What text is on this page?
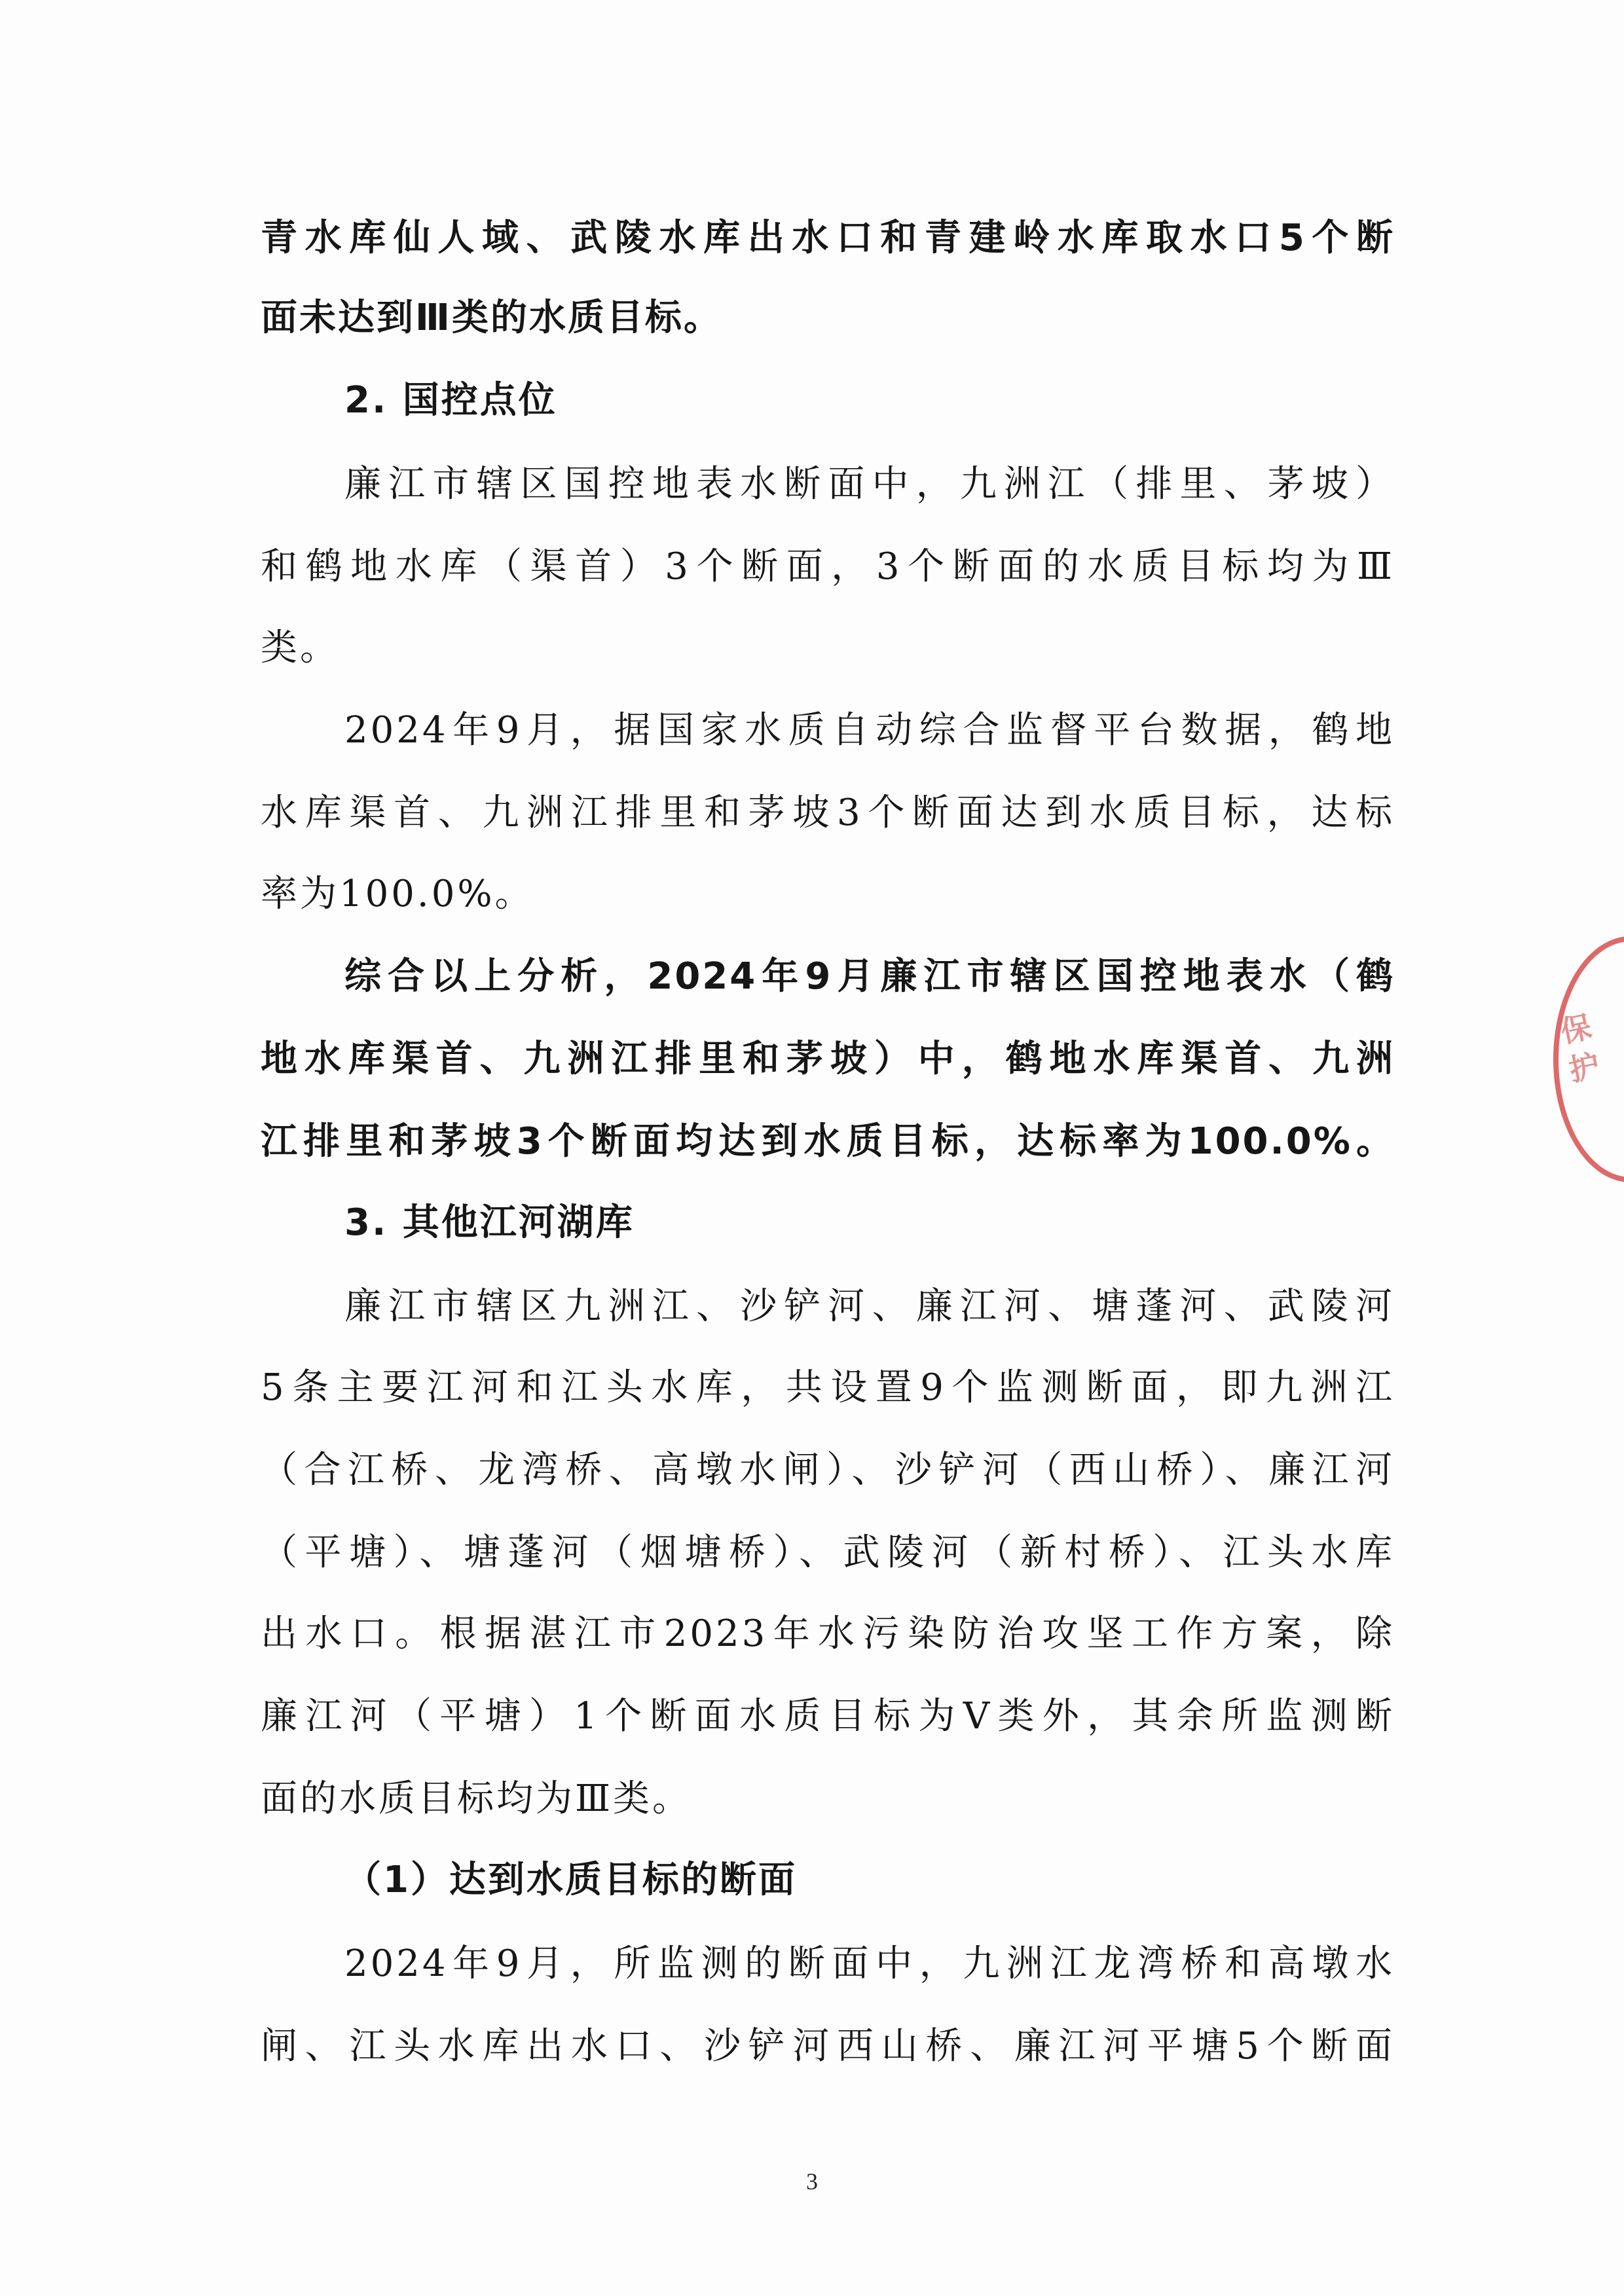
青水库仙人域、武陵水库出水口和青建岭水库取水口5个断
面未达到Ⅲ类的水质目标。
2. 国控点位
廉江市辖区国控地表水断面中，九洲江（排里、茅坡）
和鹤地水库（渠首）3个断面，3个断面的水质目标均为Ⅲ
类。
2024年9月，据国家水质自动综合监督平台数据，鹤地
水库渠首、九洲江排里和茅坡3个断面达到水质目标，达标
率为100.0%。
综合以上分析，2024年9月廉江市辖区国控地表水（鹤
地水库渠首、九洲江排里和茅坡）中，鹤地水库渠首、九洲
江排里和茅坡3个断面均达到水质目标，达标率为100.0%。
3. 其他江河湖库
廉江市辖区九洲江、沙铲河、廉江河、塘蓬河、武陵河
5条主要江河和江头水库，共设置9个监测断面，即九洲江
（合江桥、龙湾桥、高墩水闸）、沙铲河（西山桥）、廉江河
（平塘）、塘蓬河（烟塘桥）、武陵河（新村桥）、江头水库
出水口。根据湛江市2023年水污染防治攻坚工作方案，除
廉江河（平塘）1个断面水质目标为Ⅴ类外，其余所监测断
面的水质目标均为Ⅲ类。
（1）达到水质目标的断面
2024年9月，所监测的断面中，九洲江龙湾桥和高墩水
闸、江头水库出水口、沙铲河西山桥、廉江河平塘5个断面
保护
3
